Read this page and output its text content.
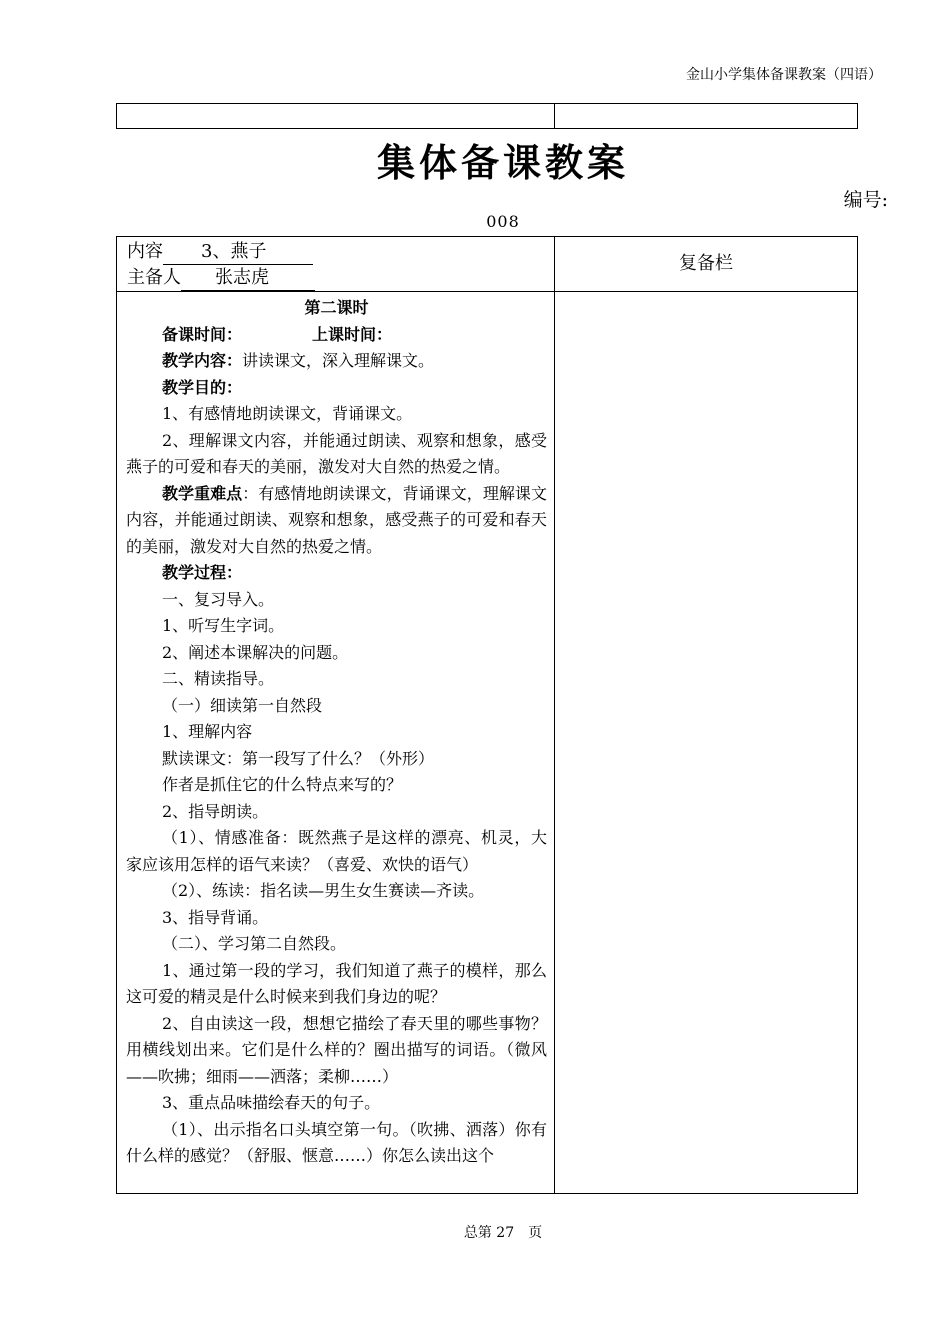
金山小学集体备课教案（四语）
集体备课教案
编号:
008
内容 3、燕子
主备人 张志虎
复备栏

第二课时

备课时间：	上课时间：

教学内容：讲读课文，深入理解课文。

教学目的：

1、有感情地朗读课文，背诵课文。

2、理解课文内容，并能通过朗读、观察和想象，感受燕子的可爱和春天的美丽，激发对大自然的热爱之情。

教学重难点：有感情地朗读课文，背诵课文，理解课文内容，并能通过朗读、观察和想象，感受燕子的可爱和春天的美丽，激发对大自然的热爱之情。

教学过程：

一、复习导入。

1、听写生字词。

2、阐述本课解决的问题。

二、精读指导。

（一）细读第一自然段

1、理解内容

默读课文：第一段写了什么？（外形）

作者是抓住它的什么特点来写的？

2、指导朗读。

（1）、情感准备：既然燕子是这样的漂亮、机灵，大家应该用怎样的语气来读？（喜爱、欢快的语气）

（2）、练读：指名读—男生女生赛读—齐读。

3、指导背诵。

（二）、学习第二自然段。

1、通过第一段的学习，我们知道了燕子的模样，那么这可爱的精灵是什么时候来到我们身边的呢？

2、自由读这一段，想想它描绘了春天里的哪些事物？用横线划出来。它们是什么样的？圈出描写的词语。（微风——吹拂；细雨——洒落；柔柳……）

3、重点品味描绘春天的句子。

（1）、出示指名口头填空第一句。（吹拂、洒落）你有什么样的感觉？（舒服、惬意……）你怎么读出这个

总第 27　页
